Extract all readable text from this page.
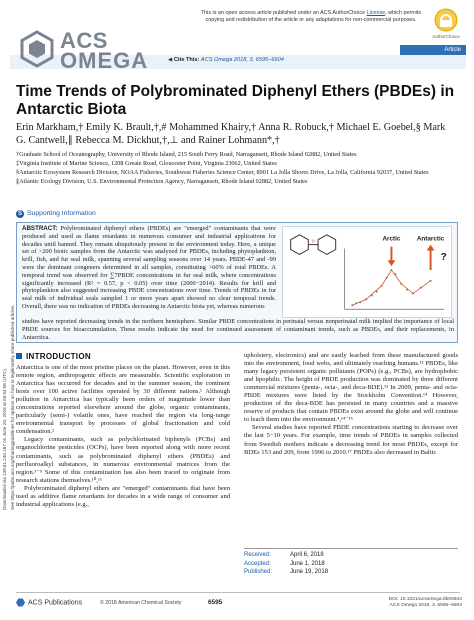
Downloaded via 139.81.240.167 on June 20, 2018 at 05:54:05 (UTC). See https://pubs.acs.org/sharingguidelines for options on how to legitimately share published articles.
This is an open access article published under an ACS AuthorChoice License, which permits
copying and redistribution of the article or any adaptations for non-commercial purposes.
AuthorChoice
Article
ACS
OMEGA	◀ Cite This: ACS Omega 2018, 3, 6595−6604
Time Trends of Polybrominated Diphenyl Ethers (PBDEs) in Antarctic Biota
Erin Markham,† Emily K. Brault,†,# Mohammed Khairy,† Anna R. Robuck,† Michael E. Goebel,§ Mark G. Cantwell,∥ Rebecca M. Dickhut,†,⊥ and Rainer Lohmann*,†

†Graduate School of Oceanography, University of Rhode Island, 215 South Ferry Road, Narragansett, Rhode Island 02882, United States

‡Virginia Institute of Marine Science, 1208 Greate Road, Gloucester Point, Virginia 23062, United States

§Antarctic Ecosystem Research Division, NOAA Fisheries, Southwest Fisheries Science Center, 8901 La Jolla Shores Drive, La Jolla, California 92037, United States

∥Atlantic Ecology Division, U.S. Environmental Protection Agency, Narragansett, Rhode Island 02882, United States

S Supporting Information
ABSTRACT: Polybrominated diphenyl ethers (PBDEs) are "emerged" contaminants that were produced and used as flame retardants in numerous consumer and industrial applications for decades until banned. They remain ubiquitously present in the environment today. Here, a unique set of >200 biotic samples from the Antarctic was analyzed for PBDEs, including phytoplankton, krill, fish, and fur seal milk, spanning several sampling seasons over 14 years. PBDE-47 and -99 were the dominant congeners determined in all samples, constituting >60% of total PBDEs. A temporal trend was observed for ∑7PBDE concentrations in fur seal milk, where concentrations significantly increased (R² = 0.57, p < 0.05) over time (2000−2014). Results for krill and phytoplankton also suggested increasing PBDE concentrations over time. Trends of PBDEs in fur seal milk of individual seals sampled 1 or more years apart showed no clear temporal trends. Overall, there was no indication of PBDEs decreasing in Antarctic biota yet, whereas numerous
studies have reported decreasing trends in the northern hemisphere. Similar PBDE concentrations in perinatal versus nonperinatal milk implied the importance of local PBDE sources for bioaccumulation. These results indicate the need for continued assessment of contaminant trends, such as PBDEs, and their replacements, in Antarctica.
O	Arctic	Antarctic
?
INTRODUCTION

Antarctica is one of the most pristine places on the planet. However, even in this remote region, anthropogenic effects are measurable. Scientific exploration in Antarctica has occurred for decades and in the summer season, the continent hosts over 100 active facilities operated by 30 different nations.¹ Although pollution in Antarctica has typically been orders of magnitude lower than concentrations reported elsewhere around the globe, organic contaminants, particularly (semi-) volatile ones, have reached the region via long-range environmental transport by processes of global fractionation and cold condensation.²

Legacy contaminants, such as polychlorinated biphenyls (PCBs) and organochlorine pesticides (OCPs), have been reported along with more recent contaminants, such as polybrominated diphenyl ethers (PBDEs) and perfluoroalkyl substances, in numerous environmental matrices from the region.³⁻⁹ Some of this contamination has also been traced to originate from research stations themselves.¹⁰,¹¹

Polybrominated diphenyl ethers are "emerged" contaminants that have been used as additive flame retardants for decades in a wide range of consumer and industrial applications (e.g.,

upholstery, electronics) and are easily leached from these manufactured goods into the environment, food webs, and ultimately reaching humans.¹² PBDEs, like many legacy persistent organic pollutants (POPs) (e.g., PCBs), are hydrophobic and lipophilic. The height of PBDE production was dominated by three different commercial mixtures (penta-, octa-, and deca-BDE).¹³ In 2009, penta- and octa-PBDE mixtures were listed by the Stockholm Convention.¹⁴ However, production of the deca-BDE has persisted in many countries and a massive reserve of products that contain PBDEs exist around the globe and will continue to leach them into the environment.⁴,¹⁴⁻¹⁶

Several studies have reported PBDE concentrations starting to decrease over the last 5−10 years. For example, time trends of PBDEs in samples collected from Swedish mothers indicate a decreasing trend for most PBDEs, except for BDEs 153 and 209, from 1996 to 2010.¹⁷ PBDEs also decreased in Baltic

Received:	April 6, 2018
Accepted:	June 1, 2018
Published:	June 19, 2018
ACS Publications	© 2018 American Chemical Society	6595	DOI: 10.1021/acsomega.8b00644
ACS Omega 2018, 3, 6595−6604
